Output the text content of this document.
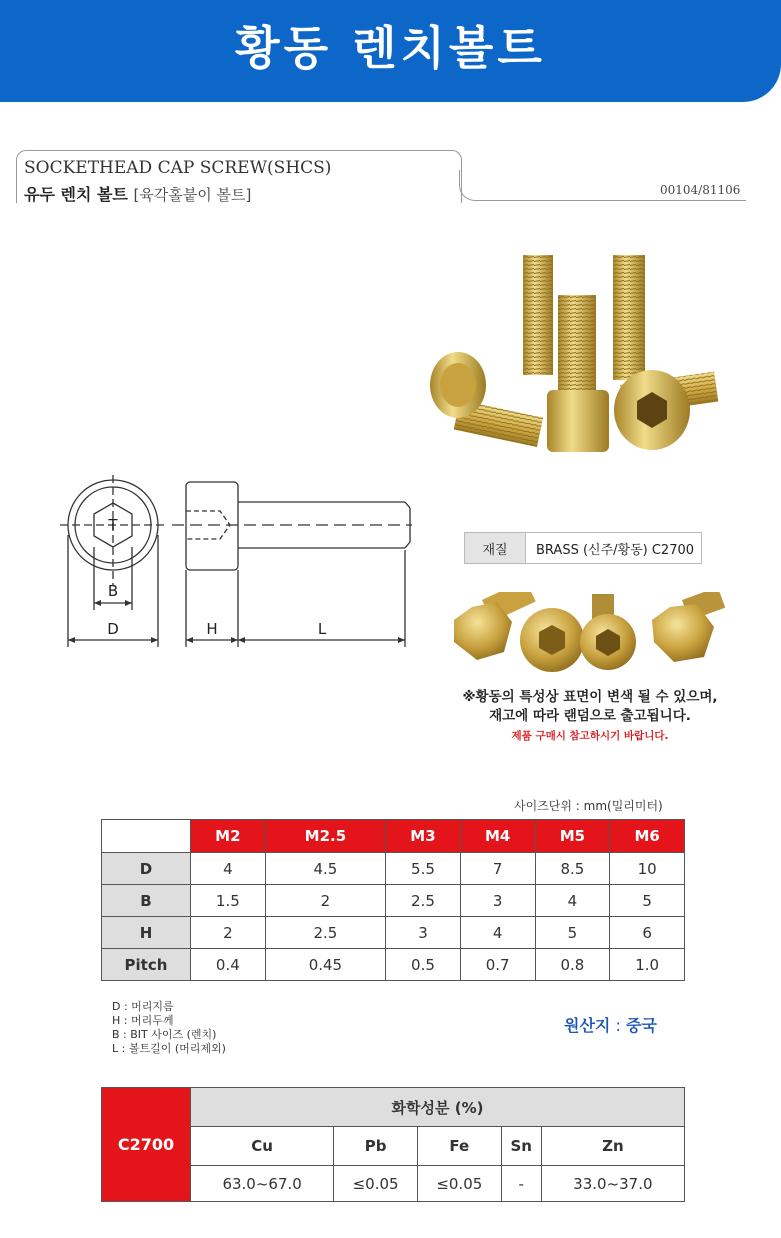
황동 렌치볼트
SOCKETHEAD CAP SCREW(SHCS)
유두 렌치 볼트 [육각홀붙이 볼트]	00104/81106
T
B
D	H	L
재질	BRASS (신주/황동) C2700
※황동의 특성상 표면이 변색 될 수 있으며,
재고에 따라 랜덤으로 출고됩니다.
제품 구매시 참고하시기 바랍니다.
사이즈단위 : mm(밀리미터)
	M2	M2.5	M3	M4	M5	M6
D	4	4.5	5.5	7	8.5	10
B	1.5	2	2.5	3	4	5
H	2	2.5	3	4	5	6
Pitch	0.4	0.45	0.5	0.7	0.8	1.0
D : 머리지름
H : 머리두께
B : BIT 사이즈 (렌치)
L : 볼트길이 (머리제외)
원산지 : 중국
C2700	화학성분 (%)				
	Cu	Pb	Fe	Sn	Zn
	63.0~67.0	≤0.05	≤0.05	-	33.0~37.0
